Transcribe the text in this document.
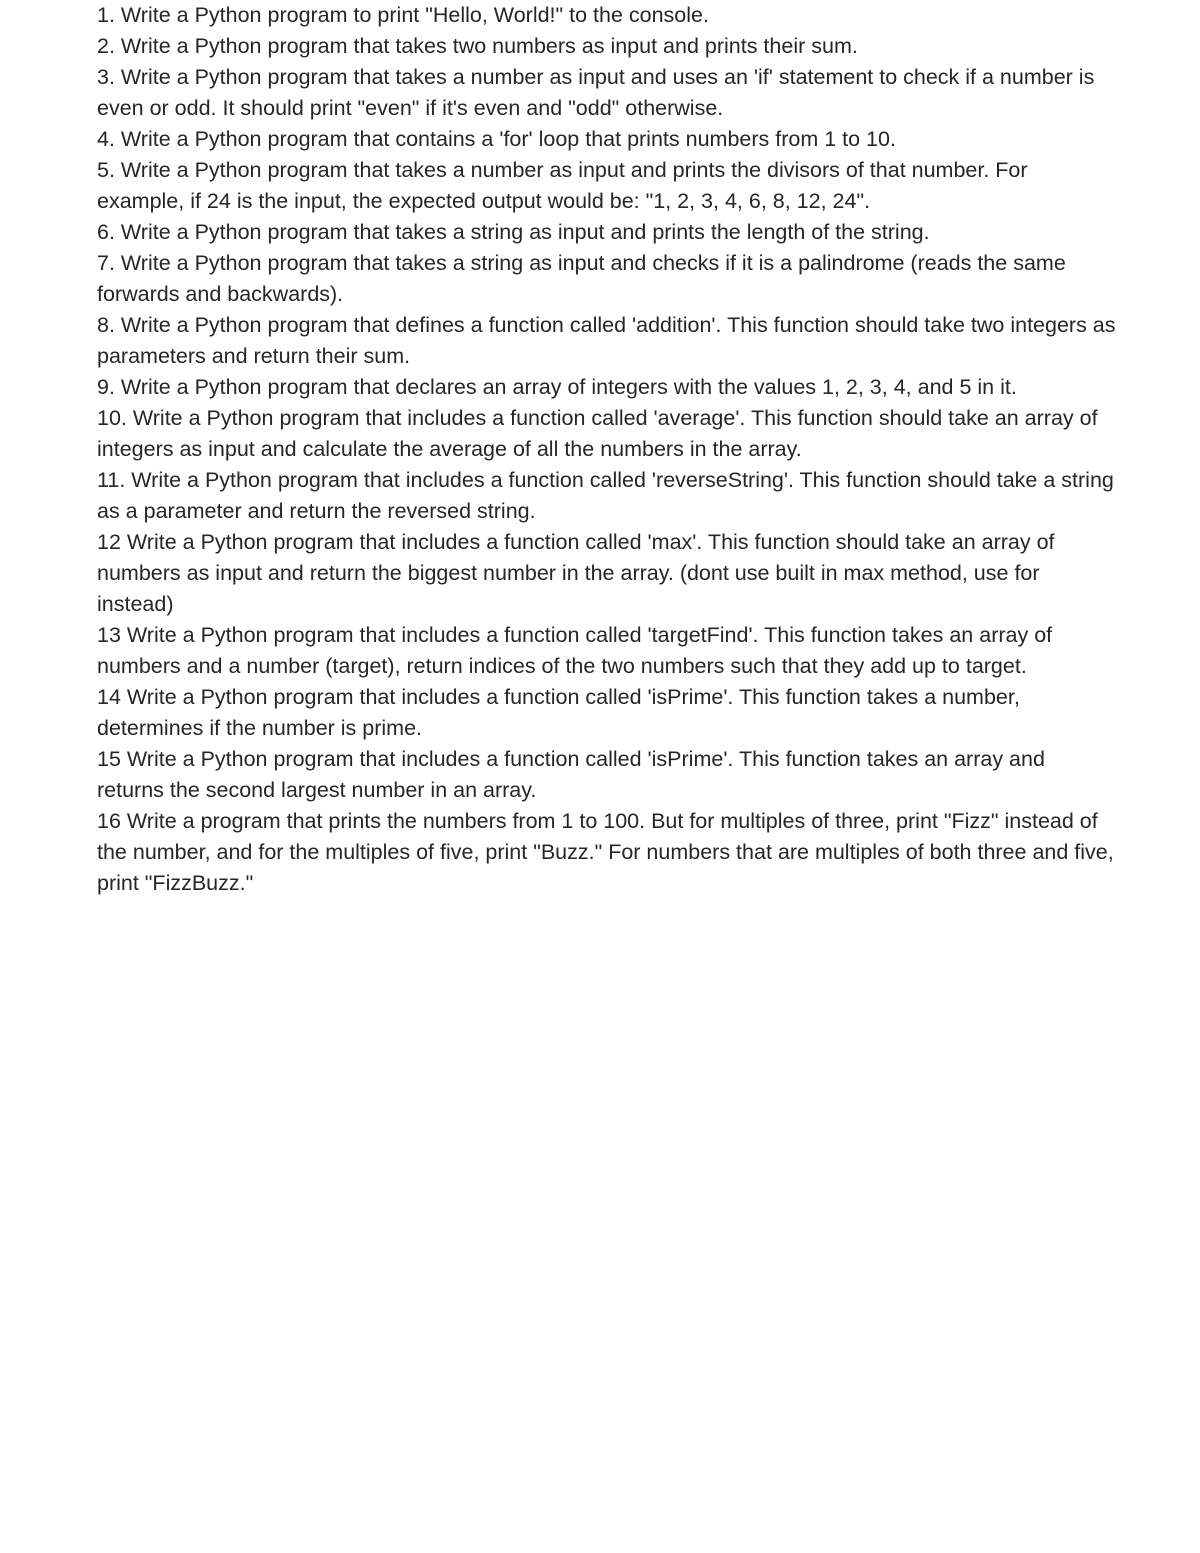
1. Write a Python program to print "Hello, World!" to the console.
2. Write a Python program that takes two numbers as input and prints their sum.
3. Write a Python program that takes a number as input and uses an 'if' statement to check if a number is even or odd. It should print "even" if it's even and "odd" otherwise.
4. Write a Python program that contains a 'for' loop that prints numbers from 1 to 10.
5. Write a Python program that takes a number as input and prints the divisors of that number. For example, if 24 is the input, the expected output would be: "1, 2, 3, 4, 6, 8, 12, 24".
6. Write a Python program that takes a string as input and prints the length of the string.
7. Write a Python program that takes a string as input and checks if it is a palindrome (reads the same forwards and backwards).
8. Write a Python program that defines a function called 'addition'. This function should take two integers as parameters and return their sum.
9. Write a Python program that declares an array of integers with the values 1, 2, 3, 4, and 5 in it.
10. Write a Python program that includes a function called 'average'. This function should take an array of integers as input and calculate the average of all the numbers in the array.
11. Write a Python program that includes a function called 'reverseString'. This function should take a string as a parameter and return the reversed string.
12 Write a Python program that includes a function called 'max'. This function should take an array of numbers as input and return the biggest number in the array. (dont use built in max method, use for instead)
13 Write a Python program that includes a function called 'targetFind'. This function takes an array of numbers and a number (target), return indices of the two numbers such that they add up to target.
14 Write a Python program that includes a function called 'isPrime'. This function takes a number, determines if the number is prime.
15 Write a Python program that includes a function called 'isPrime'. This function takes an array and returns the second largest number in an array.
16 Write a program that prints the numbers from 1 to 100. But for multiples of three, print "Fizz" instead of the number, and for the multiples of five, print "Buzz." For numbers that are multiples of both three and five, print "FizzBuzz."
